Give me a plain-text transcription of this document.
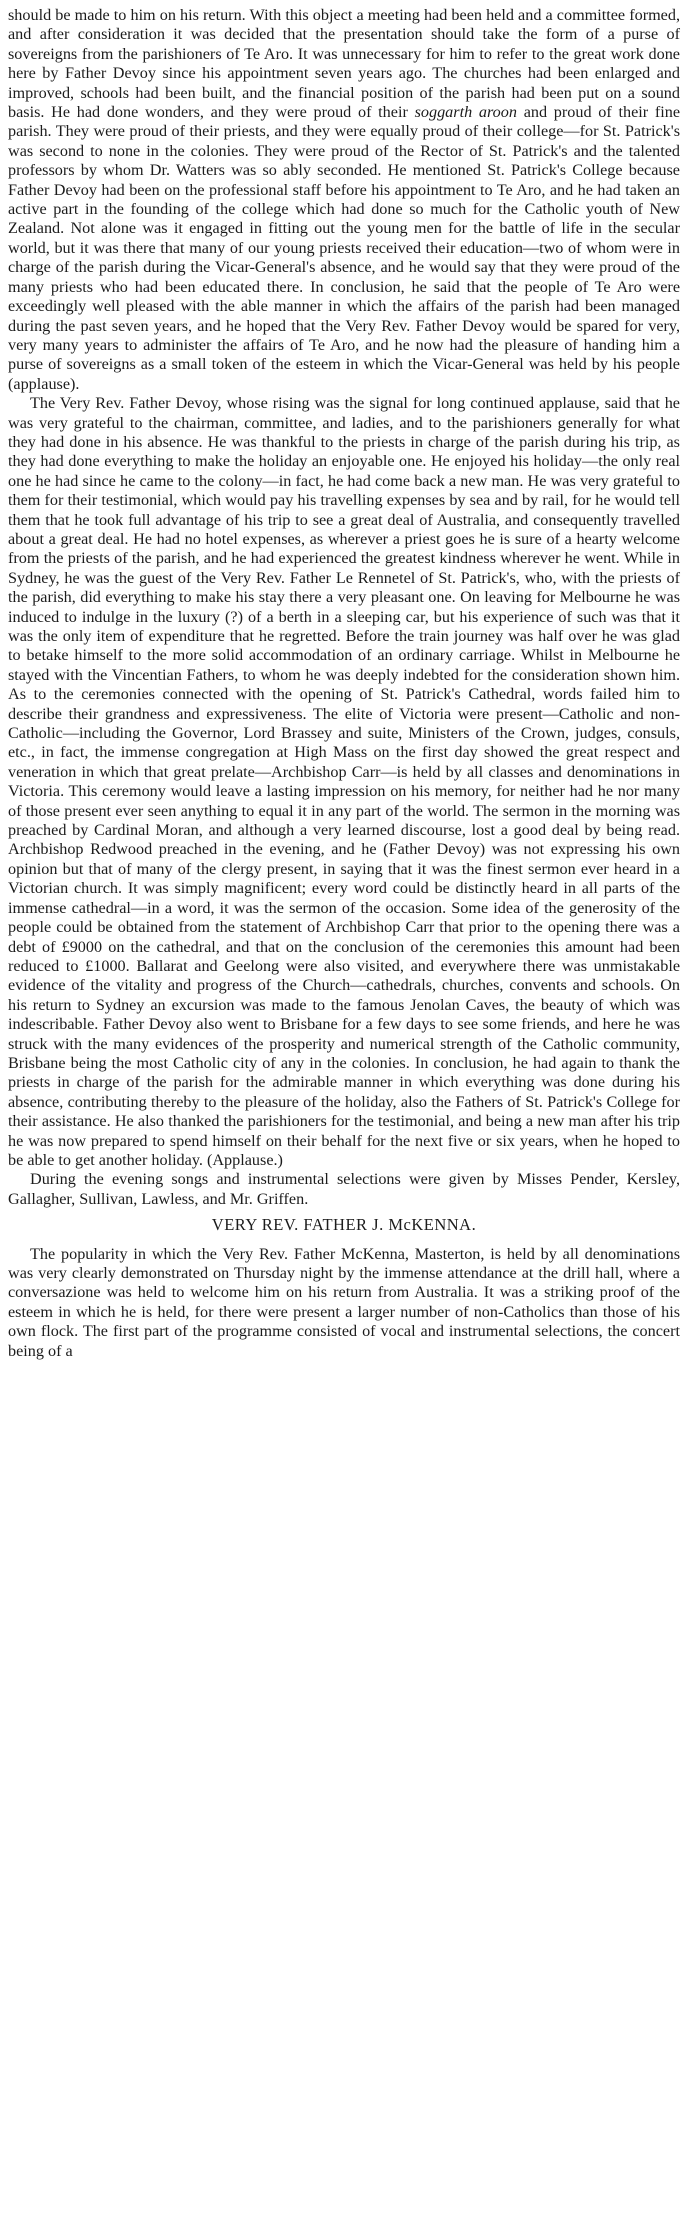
should be made to him on his return. With this object a meeting had been held and a committee formed, and after consideration it was decided that the presentation should take the form of a purse of sovereigns from the parishioners of Te Aro. It was unnecessary for him to refer to the great work done here by Father Devoy since his appointment seven years ago. The churches had been enlarged and improved, schools had been built, and the financial position of the parish had been put on a sound basis. He had done wonders, and they were proud of their soggarth aroon and proud of their fine parish. They were proud of their priests, and they were equally proud of their college—for St. Patrick's was second to none in the colonies. They were proud of the Rector of St. Patrick's and the talented professors by whom Dr. Watters was so ably seconded. He mentioned St. Patrick's College because Father Devoy had been on the professional staff before his appointment to Te Aro, and he had taken an active part in the founding of the college which had done so much for the Catholic youth of New Zealand. Not alone was it engaged in fitting out the young men for the battle of life in the secular world, but it was there that many of our young priests received their education—two of whom were in charge of the parish during the Vicar-General's absence, and he would say that they were proud of the many priests who had been educated there. In conclusion, he said that the people of Te Aro were exceedingly well pleased with the able manner in which the affairs of the parish had been managed during the past seven years, and he hoped that the Very Rev. Father Devoy would be spared for very, very many years to administer the affairs of Te Aro, and he now had the pleasure of handing him a purse of sovereigns as a small token of the esteem in which the Vicar-General was held by his people (applause).

The Very Rev. Father Devoy, whose rising was the signal for long continued applause, said that he was very grateful to the chairman, committee, and ladies, and to the parishioners generally for what they had done in his absence. He was thankful to the priests in charge of the parish during his trip, as they had done everything to make the holiday an enjoyable one. He enjoyed his holiday—the only real one he had since he came to the colony—in fact, he had come back a new man. He was very grateful to them for their testimonial, which would pay his travelling expenses by sea and by rail, for he would tell them that he took full advantage of his trip to see a great deal of Australia, and consequently travelled about a great deal. He had no hotel expenses, as wherever a priest goes he is sure of a hearty welcome from the priests of the parish, and he had experienced the greatest kindness wherever he went. While in Sydney, he was the guest of the Very Rev. Father Le Rennetel of St. Patrick's, who, with the priests of the parish, did everything to make his stay there a very pleasant one. On leaving for Melbourne he was induced to indulge in the luxury (?) of a berth in a sleeping car, but his experience of such was that it was the only item of expenditure that he regretted. Before the train journey was half over he was glad to betake himself to the more solid accommodation of an ordinary carriage. Whilst in Melbourne he stayed with the Vincentian Fathers, to whom he was deeply indebted for the consideration shown him. As to the ceremonies connected with the opening of St. Patrick's Cathedral, words failed him to describe their grandness and expressiveness. The elite of Victoria were present—Catholic and non-Catholic—including the Governor, Lord Brassey and suite, Ministers of the Crown, judges, consuls, etc., in fact, the immense congregation at High Mass on the first day showed the great respect and veneration in which that great prelate—Archbishop Carr—is held by all classes and denominations in Victoria. This ceremony would leave a lasting impression on his memory, for neither had he nor many of those present ever seen anything to equal it in any part of the world. The sermon in the morning was preached by Cardinal Moran, and although a very learned discourse, lost a good deal by being read. Archbishop Redwood preached in the evening, and he (Father Devoy) was not expressing his own opinion but that of many of the clergy present, in saying that it was the finest sermon ever heard in a Victorian church. It was simply magnificent; every word could be distinctly heard in all parts of the immense cathedral—in a word, it was the sermon of the occasion. Some idea of the generosity of the people could be obtained from the statement of Archbishop Carr that prior to the opening there was a debt of £9000 on the cathedral, and that on the conclusion of the ceremonies this amount had been reduced to £1000. Ballarat and Geelong were also visited, and everywhere there was unmistakable evidence of the vitality and progress of the Church—cathedrals, churches, convents and schools. On his return to Sydney an excursion was made to the famous Jenolan Caves, the beauty of which was indescribable. Father Devoy also went to Brisbane for a few days to see some friends, and here he was struck with the many evidences of the prosperity and numerical strength of the Catholic community, Brisbane being the most Catholic city of any in the colonies. In conclusion, he had again to thank the priests in charge of the parish for the admirable manner in which everything was done during his absence, contributing thereby to the pleasure of the holiday, also the Fathers of St. Patrick's College for their assistance. He also thanked the parishioners for the testimonial, and being a new man after his trip he was now prepared to spend himself on their behalf for the next five or six years, when he hoped to be able to get another holiday. (Applause.)

During the evening songs and instrumental selections were given by Misses Pender, Kersley, Gallagher, Sullivan, Lawless, and Mr. Griffen.

VERY REV. FATHER J. McKENNA.

The popularity in which the Very Rev. Father McKenna, Masterton, is held by all denominations was very clearly demonstrated on Thursday night by the immense attendance at the drill hall, where a conversazione was held to welcome him on his return from Australia. It was a striking proof of the esteem in which he is held, for there were present a larger number of non-Catholics than those of his own flock. The first part of the programme consisted of vocal and instrumental selections, the concert being of a
